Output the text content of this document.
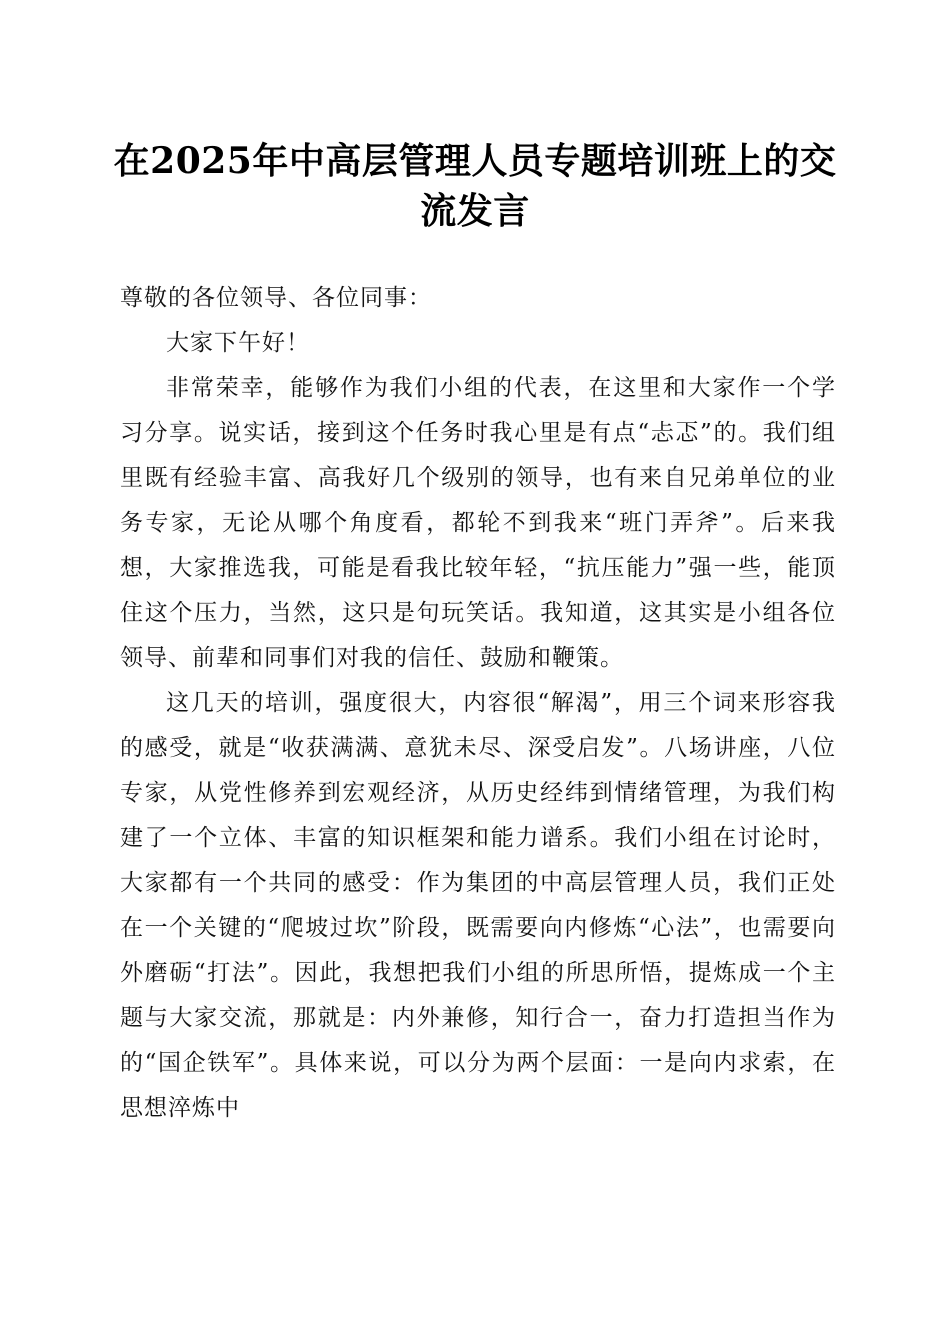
在2025年中高层管理人员专题培训班上的交流发言

尊敬的各位领导、各位同事：

大家下午好！

非常荣幸，能够作为我们小组的代表，在这里和大家作一个学习分享。说实话，接到这个任务时我心里是有点“忐忑”的。我们组里既有经验丰富、高我好几个级别的领导，也有来自兄弟单位的业务专家，无论从哪个角度看，都轮不到我来“班门弄斧”。后来我想，大家推选我，可能是看我比较年轻，“抗压能力”强一些，能顶住这个压力，当然，这只是句玩笑话。我知道，这其实是小组各位领导、前辈和同事们对我的信任、鼓励和鞭策。

这几天的培训，强度很大，内容很“解渴”，用三个词来形容我的感受，就是“收获满满、意犹未尽、深受启发”。八场讲座，八位专家，从党性修养到宏观经济，从历史经纬到情绪管理，为我们构建了一个立体、丰富的知识框架和能力谱系。我们小组在讨论时，大家都有一个共同的感受：作为集团的中高层管理人员，我们正处在一个关键的“爬坡过坎”阶段，既需要向内修炼“心法”，也需要向外磨砺“打法”。因此，我想把我们小组的所思所悟，提炼成一个主题与大家交流，那就是：内外兼修，知行合一，奋力打造担当作为的“国企铁军”。具体来说，可以分为两个层面：一是向内求索，在思想淬炼中
